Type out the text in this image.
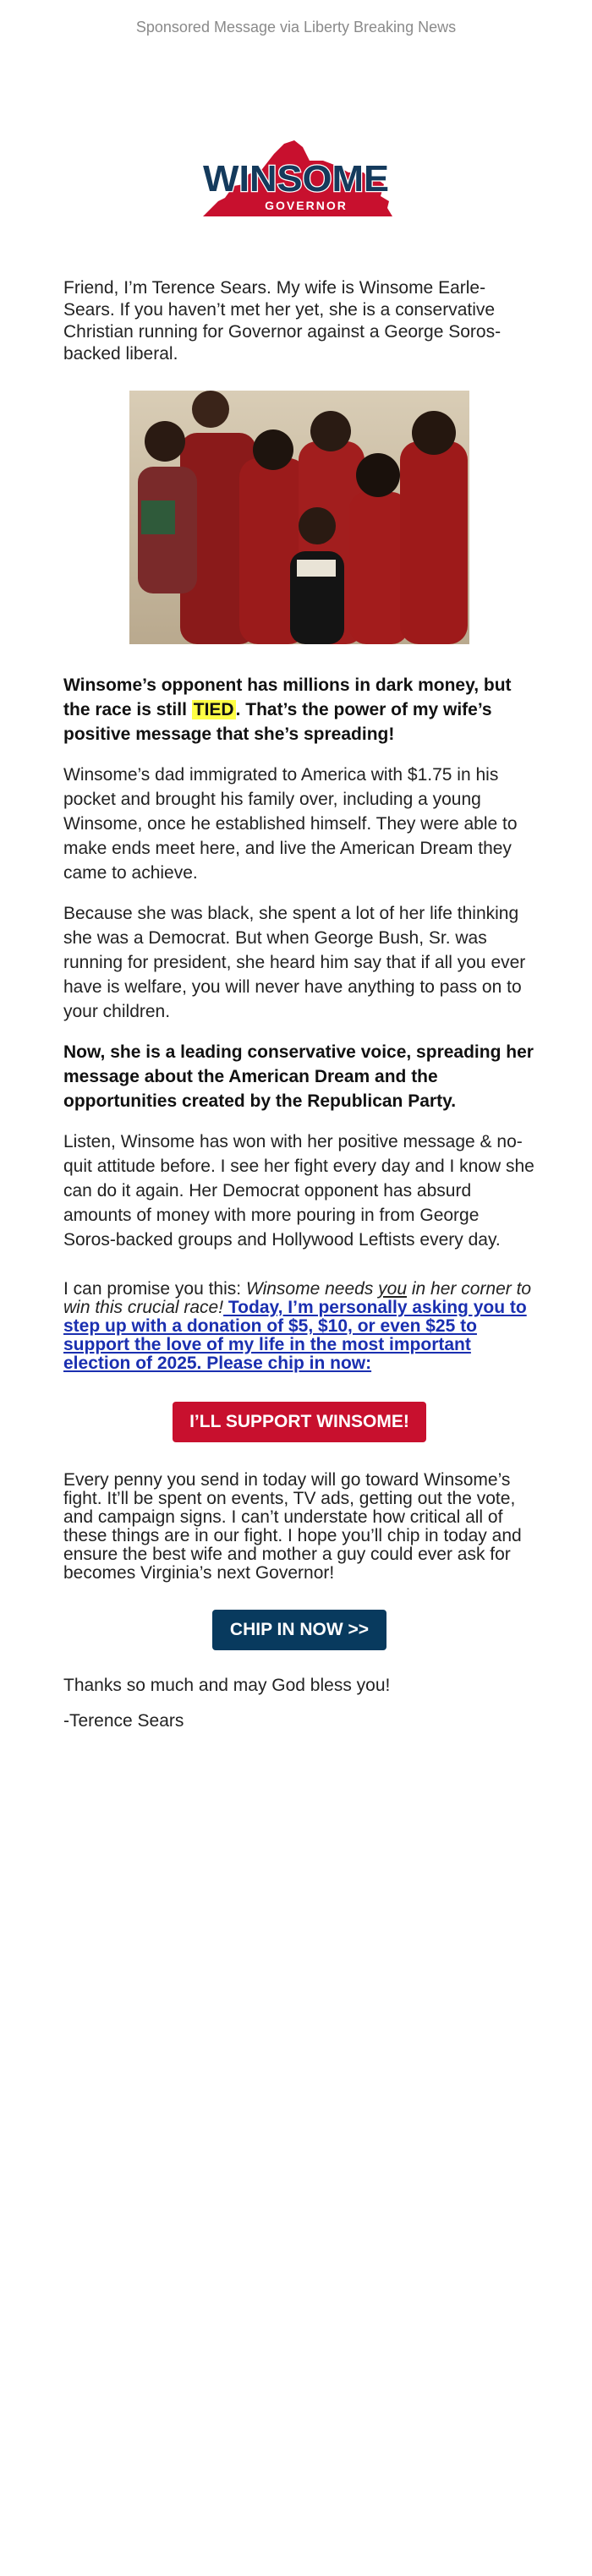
Sponsored Message via Liberty Breaking News
WINSOME
GOVERNOR

Friend, I’m Terence Sears. My wife is Winsome Earle-Sears. If you haven’t met her yet, she is a conservative Christian running for Governor against a George Soros-backed liberal.

Winsome’s opponent has millions in dark money, but the race is still TIED. That’s the power of my wife’s positive message that she’s spreading!

Winsome’s dad immigrated to America with $1.75 in his pocket and brought his family over, including a young Winsome, once he established himself. They were able to make ends meet here, and live the American Dream they came to achieve.

Because she was black, she spent a lot of her life thinking she was a Democrat. But when George Bush, Sr. was running for president, she heard him say that if all you ever have is welfare, you will never have anything to pass on to your children.

Now, she is a leading conservative voice, spreading her message about the American Dream and the opportunities created by the Republican Party.

Listen, Winsome has won with her positive message & no-quit attitude before. I see her fight every day and I know she can do it again. Her Democrat opponent has absurd amounts of money with more pouring in from George Soros-backed groups and Hollywood Leftists every day.

I can promise you this: Winsome needs you in her corner to win this crucial race! Today, I’m personally asking you to step up with a donation of $5, $10, or even $25 to support the love of my life in the most important election of 2025. Please chip in now:

I’LL SUPPORT WINSOME!

Every penny you send in today will go toward Winsome’s fight. It’ll be spent on events, TV ads, getting out the vote, and campaign signs. I can’t understate how critical all of these things are in our fight. I hope you’ll chip in today and ensure the best wife and mother a guy could ever ask for becomes Virginia’s next Governor!

CHIP IN NOW >>

Thanks so much and may God bless you!

-Terence Sears
